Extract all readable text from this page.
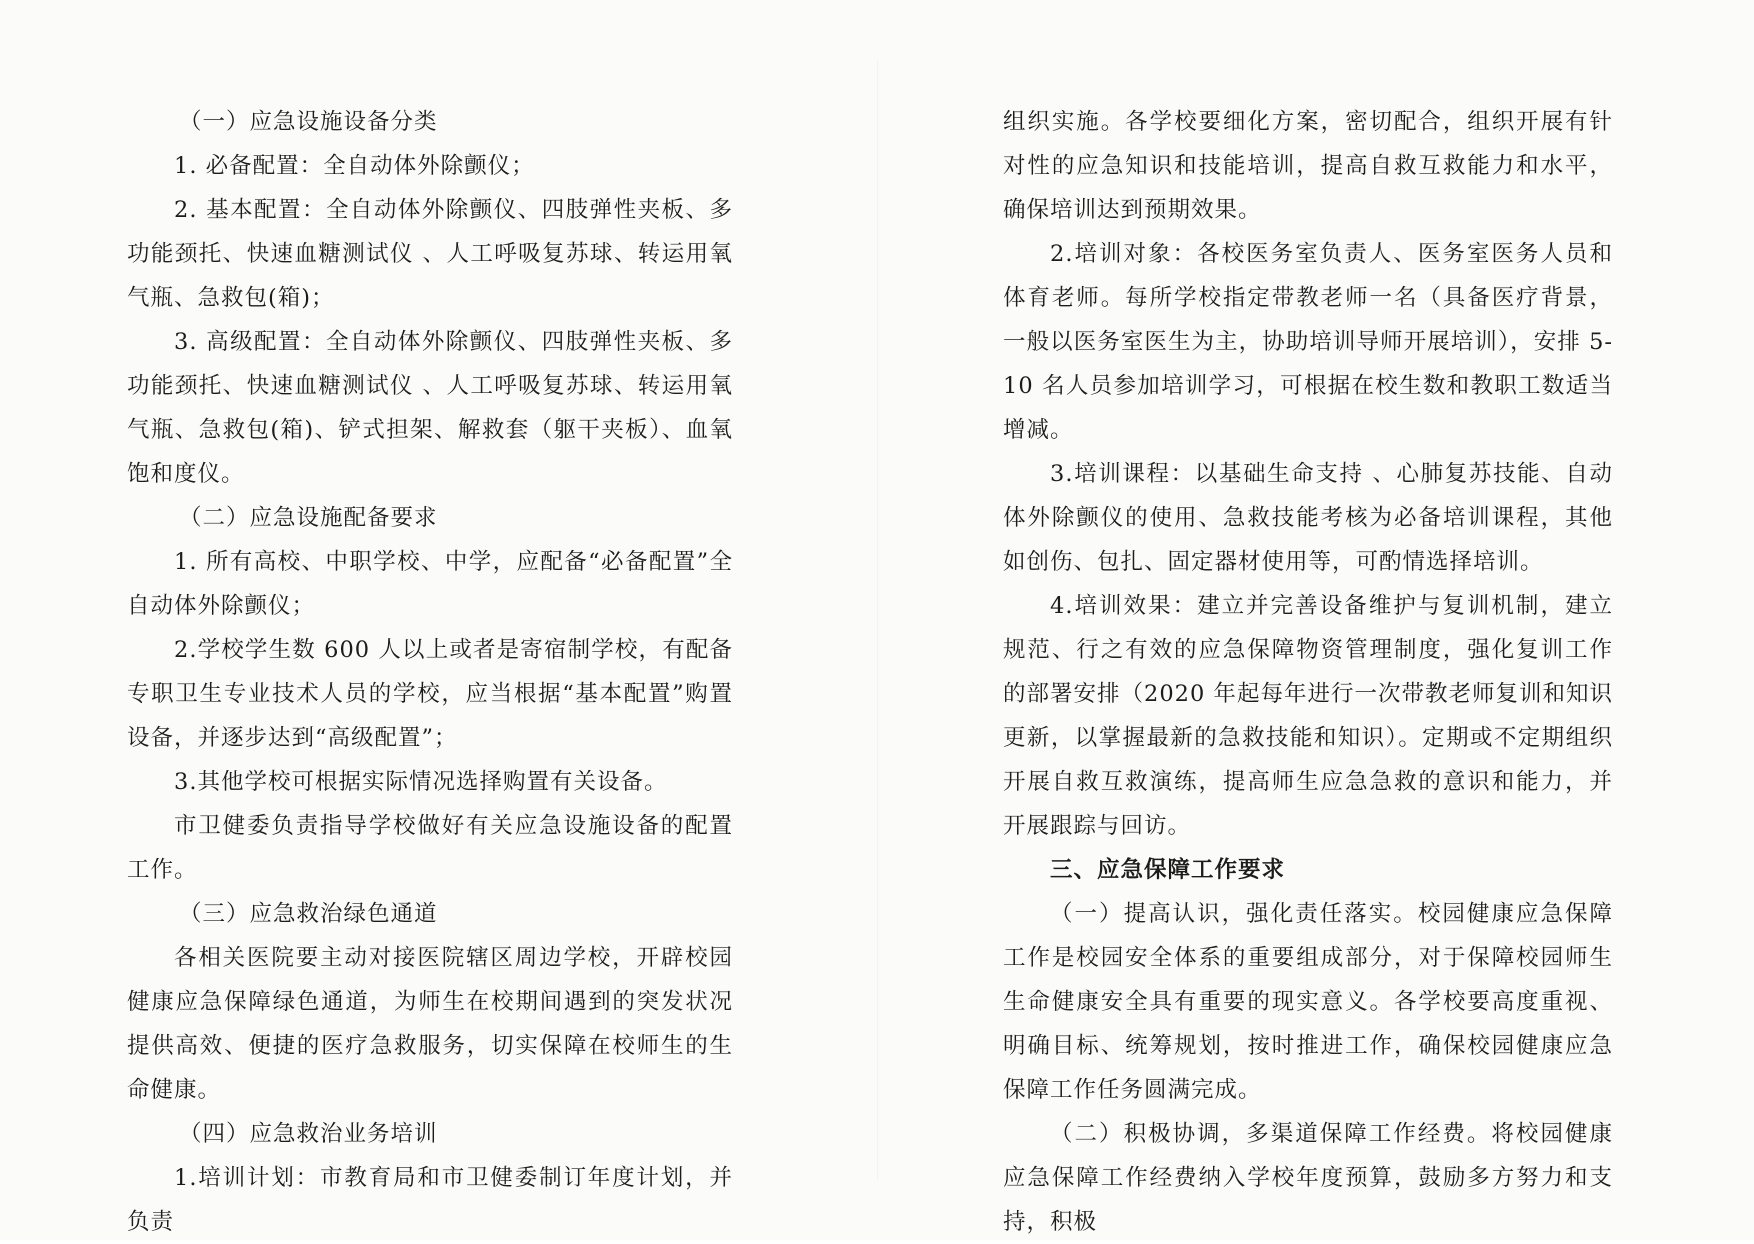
（一）应急设施设备分类

1. 必备配置：全自动体外除颤仪；

2. 基本配置：全自动体外除颤仪、四肢弹性夹板、多功能颈托、快速血糖测试仪 、人工呼吸复苏球、转运用氧气瓶、急救包(箱)；

3. 高级配置：全自动体外除颤仪、四肢弹性夹板、多功能颈托、快速血糖测试仪 、人工呼吸复苏球、转运用氧气瓶、急救包(箱)、铲式担架、解救套（躯干夹板）、血氧饱和度仪。

（二）应急设施配备要求

1. 所有高校、中职学校、中学，应配备“必备配置”全自动体外除颤仪；

2.学校学生数 600 人以上或者是寄宿制学校，有配备专职卫生专业技术人员的学校，应当根据“基本配置”购置设备，并逐步达到“高级配置”；

3.其他学校可根据实际情况选择购置有关设备。

市卫健委负责指导学校做好有关应急设施设备的配置工作。

（三）应急救治绿色通道

各相关医院要主动对接医院辖区周边学校，开辟校园健康应急保障绿色通道，为师生在校期间遇到的突发状况提供高效、便捷的医疗急救服务，切实保障在校师生的生命健康。

（四）应急救治业务培训

1.培训计划：市教育局和市卫健委制订年度计划，并负责

组织实施。各学校要细化方案，密切配合，组织开展有针对性的应急知识和技能培训，提高自救互救能力和水平，确保培训达到预期效果。

2.培训对象：各校医务室负责人、医务室医务人员和体育老师。每所学校指定带教老师一名（具备医疗背景，一般以医务室医生为主，协助培训导师开展培训），安排 5-10 名人员参加培训学习，可根据在校生数和教职工数适当增减。

3.培训课程：以基础生命支持 、心肺复苏技能、自动体外除颤仪的使用、急救技能考核为必备培训课程，其他如创伤、包扎、固定器材使用等，可酌情选择培训。

4.培训效果：建立并完善设备维护与复训机制，建立规范、行之有效的应急保障物资管理制度，强化复训工作的部署安排（2020 年起每年进行一次带教老师复训和知识更新，以掌握最新的急救技能和知识）。定期或不定期组织开展自救互救演练，提高师生应急急救的意识和能力，并开展跟踪与回访。

三、应急保障工作要求

（一）提高认识，强化责任落实。校园健康应急保障工作是校园安全体系的重要组成部分，对于保障校园师生生命健康安全具有重要的现实意义。各学校要高度重视、明确目标、统筹规划，按时推进工作，确保校园健康应急保障工作任务圆满完成。

（二）积极协调，多渠道保障工作经费。将校园健康应急保障工作经费纳入学校年度预算，鼓励多方努力和支持，积极
